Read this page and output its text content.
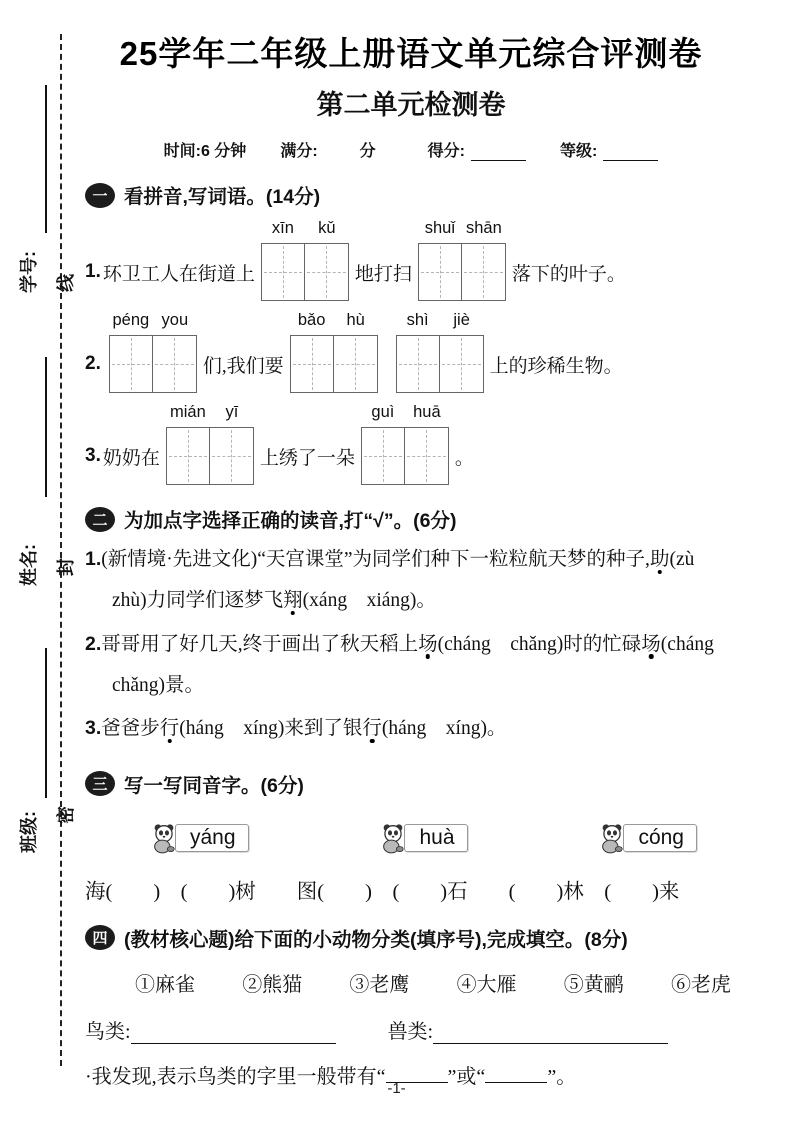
学号:
姓名:
班级:
线
封
密
25学年二年级上册语文单元综合评测卷
第二单元检测卷
时间:6 分钟 满分:	分	得分:	等级:
一 看拼音,写词语。(14分)
1. 环卫工人在街道上
xīn	kǔ
地打扫
shuǐ shān
落下的叶子。
2.
péng you
们,我们要
bǎo	hù	shì	jiè
上的珍稀生物。
3. 奶奶在
mián	yī
上绣了一朵
guì	huā
。
二 为加点字选择正确的读音,打“√”。(6分)

1.(新情境·先进文化)“天宫课堂”为同学们种下一粒粒航天梦的种子,助(zù　zhù)力同学们逐梦飞翔(xáng　xiáng)。

2.哥哥用了好几天,终于画出了秋天稻上场(cháng　chǎng)时的忙碌场(cháng　chǎng)景。

3.爸爸步行(háng　xíng)来到了银行(háng　xíng)。

三 写一写同音字。(6分)
yáng	huà	cóng
海(　　)　(　　)树　　图(　　)　(　　)石　　(　　)林　(　　)来
四 (教材核心题)给下面的小动物分类(填序号),完成填空。(8分)
①麻雀 ②熊猫 ③老鹰 ④大雁 ⑤黄鹂 ⑥老虎
鸟类:	兽类:
·我发现,表示鸟类的字里一般带有“	”或“	”。
-1-
